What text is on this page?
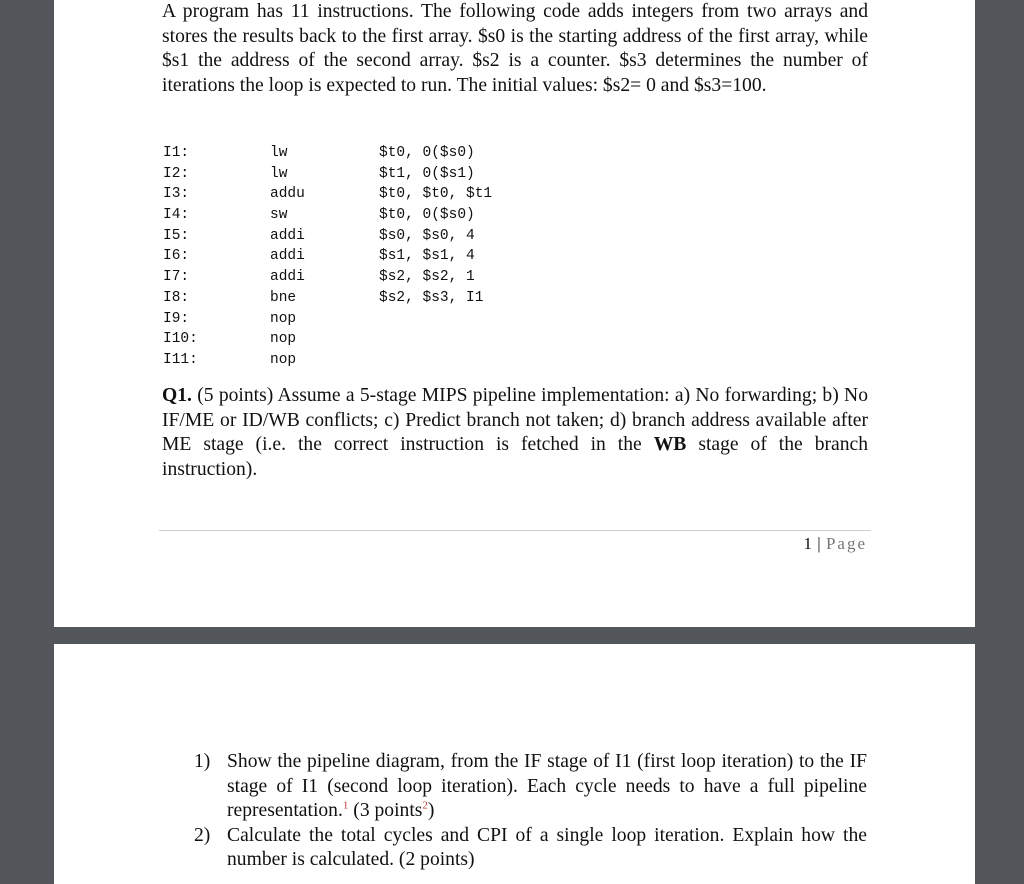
A program has 11 instructions. The following code adds integers from two arrays and stores the results back to the first array. $s0 is the starting address of the first array, while $s1 the address of the second array. $s2 is a counter. $s3 determines the number of iterations the loop is expected to run. The initial values: $s2= 0 and $s3=100.

I1:	lw	$t0, 0($s0)
I2:	lw	$t1, 0($s1)
I3:	addu	$t0, $t0, $t1
I4:	sw	$t0, 0($s0)
I5:	addi	$s0, $s0, 4
I6:	addi	$s1, $s1, 4
I7:	addi	$s2, $s2, 1
I8:	bne	$s2, $s3, I1
I9:	nop
I10:	nop
I11:	nop

Q1. (5 points) Assume a 5-stage MIPS pipeline implementation: a) No forwarding; b) No IF/ME or ID/WB conflicts; c) Predict branch not taken; d) branch address available after ME stage (i.e. the correct instruction is fetched in the WB stage of the branch instruction).

1 | Page
1) Show the pipeline diagram, from the IF stage of I1 (first loop iteration) to the IF stage of I1 (second loop iteration). Each cycle needs to have a full pipeline representation.$^1$ (3 points$^2$)
2) Calculate the total cycles and CPI of a single loop iteration. Explain how the number is calculated. (2 points)
